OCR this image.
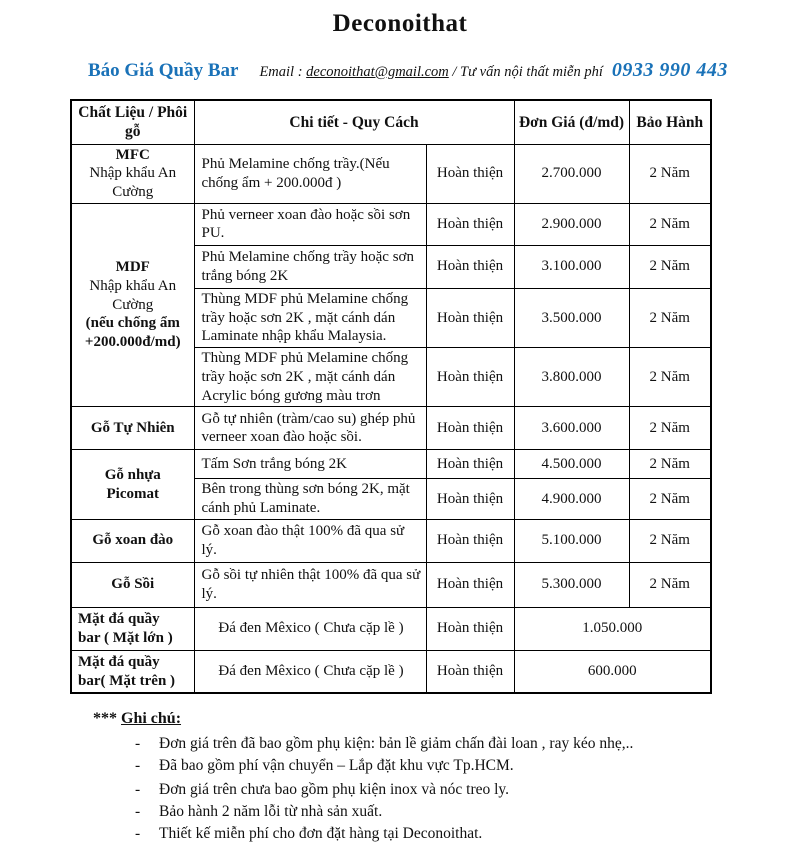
Deconoithat
Báo Giá Quầy Bar Email : deconoithat@gmail.com / Tư vấn nội thất miễn phí 0933 990 443
Chất Liệu / Phôi gỗ	Chi tiết - Quy Cách		Đơn Giá (đ/md)	Bảo Hành

MFC
Nhập khẩu An Cường	Phủ Melamine chống trầy.(Nếu chống ẩm + 200.000đ )	Hoàn thiện	2.700.000	2 Năm

MDF
Nhập khẩu An Cường
(nếu chống ẩm +200.000đ/md)	Phủ verneer xoan đào hoặc sồi sơn PU.	Hoàn thiện	2.900.000	2 Năm
	Phủ Melamine chống trầy hoặc sơn trắng bóng 2K	Hoàn thiện	3.100.000	2 Năm
	Thùng MDF phủ Melamine chống trầy hoặc sơn 2K , mặt cánh dán Laminate nhập khẩu Malaysia.	Hoàn thiện	3.500.000	2 Năm
	Thùng MDF phủ Melamine chống trầy hoặc sơn 2K , mặt cánh dán Acrylic bóng gương màu trơn	Hoàn thiện	3.800.000	2 Năm
Gỗ Tự Nhiên	Gỗ tự nhiên (tràm/cao su) ghép phủ verneer xoan đào hoặc sồi.	Hoàn thiện	3.600.000	2 Năm

Gỗ nhựa Picomat	Tấm Sơn trắng bóng 2K	Hoàn thiện	4.500.000	2 Năm
	Bên trong thùng sơn bóng 2K, mặt cánh phủ Laminate.	Hoàn thiện	4.900.000	2 Năm
Gỗ xoan đào	Gỗ xoan đào thật 100% đã qua sử lý.	Hoàn thiện	5.100.000	2 Năm
Gỗ Sồi	Gỗ sồi tự nhiên thật 100% đã qua sử lý.	Hoàn thiện	5.300.000	2 Năm
Mặt đá quầy bar ( Mặt lớn )	Đá đen Mêxico ( Chưa cặp lề )	Hoàn thiện	1.050.000	
Mặt đá quầy bar( Mặt trên )	Đá đen Mêxico ( Chưa cặp lề )	Hoàn thiện	600.000	
*** Ghi chú:
-	Đơn giá trên đã bao gồm phụ kiện: bản lề giảm chấn đài loan , ray kéo nhẹ,..
-	Đã bao gồm phí vận chuyển – Lắp đặt khu vực Tp.HCM.
-	Đơn giá trên chưa bao gồm phụ kiện inox và nóc treo ly.
-	Bảo hành 2 năm lỗi từ nhà sản xuất.
-	Thiết kế miễn phí cho đơn đặt hàng tại Deconoithat.
